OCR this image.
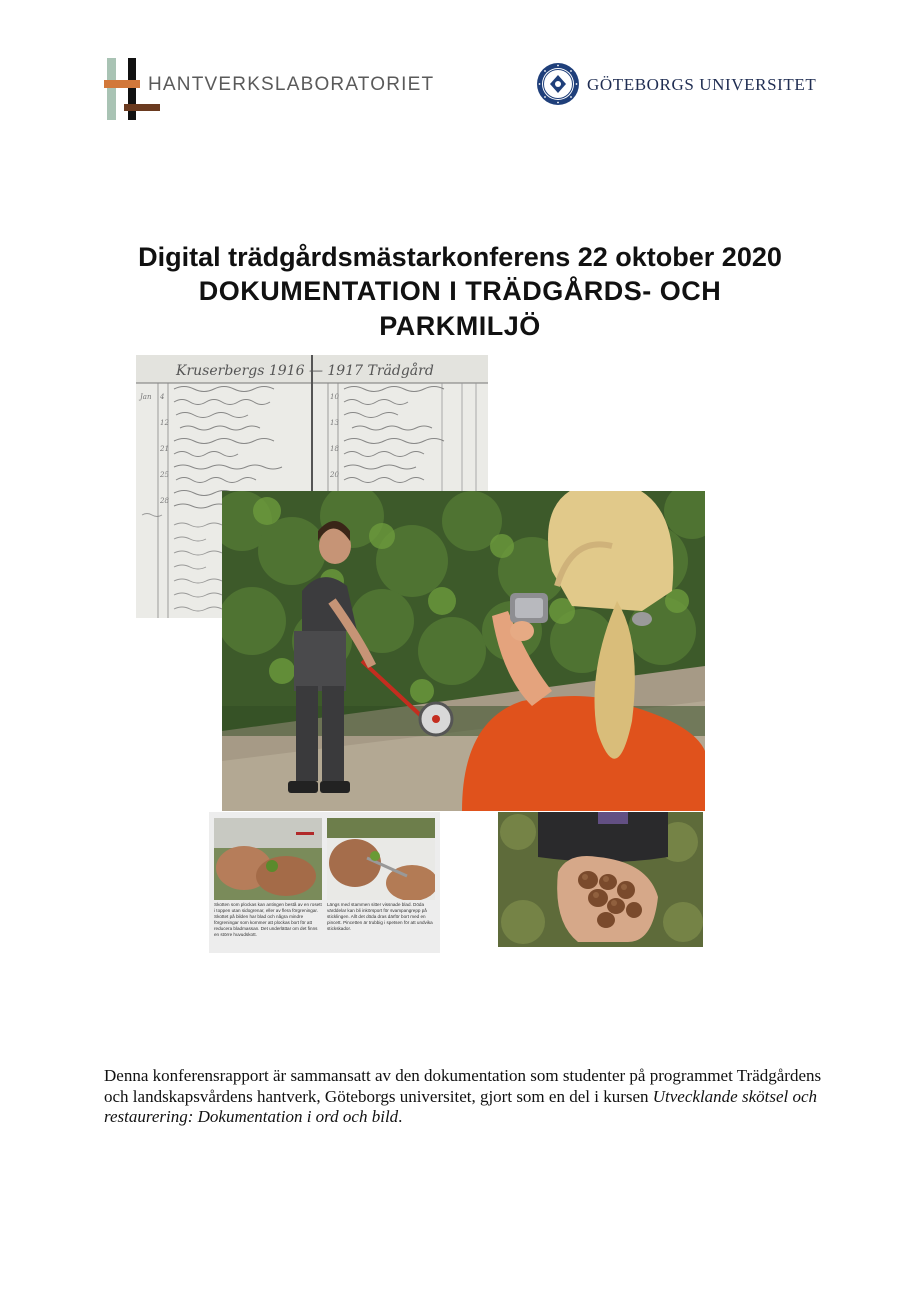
HANTVERKSLABORATORIET	GÖTEBORGS UNIVERSITET
Digital trädgårdsmästarkonferens 22 oktober 2020
DOKUMENTATION I TRÄDGÅRDS- OCH
PARKMILJÖ
Kruserbergs 1916 — 1917 Trädgård
Jan 4
12
21
25
28
10
13
18
20
Skotten som plockas kan antingen bestå av en rosett i toppen utan sidogrenar, eller av flera förgreningar. Skottet på bilden har blad och några mindre förgreningar som kommer att plockas bort för att reducera bladmassan. Det underlättar om det finns en större huvudskott.
Längs med stammen sitter vissnade blad. Döda värddelar kan bli inkörsport för svampangrepp på sticklingen. Allt det döda dras därför bort med en pincett. Pincetten är trubbig i spetsen för att undvika stickskador.
Denna konferensrapport är sammansatt av den dokumentation som studenter på programmet Trädgårdens och landskapsvårdens hantverk, Göteborgs universitet, gjort som en del i kursen Utvecklande skötsel och restaurering: Dokumentation i ord och bild.
